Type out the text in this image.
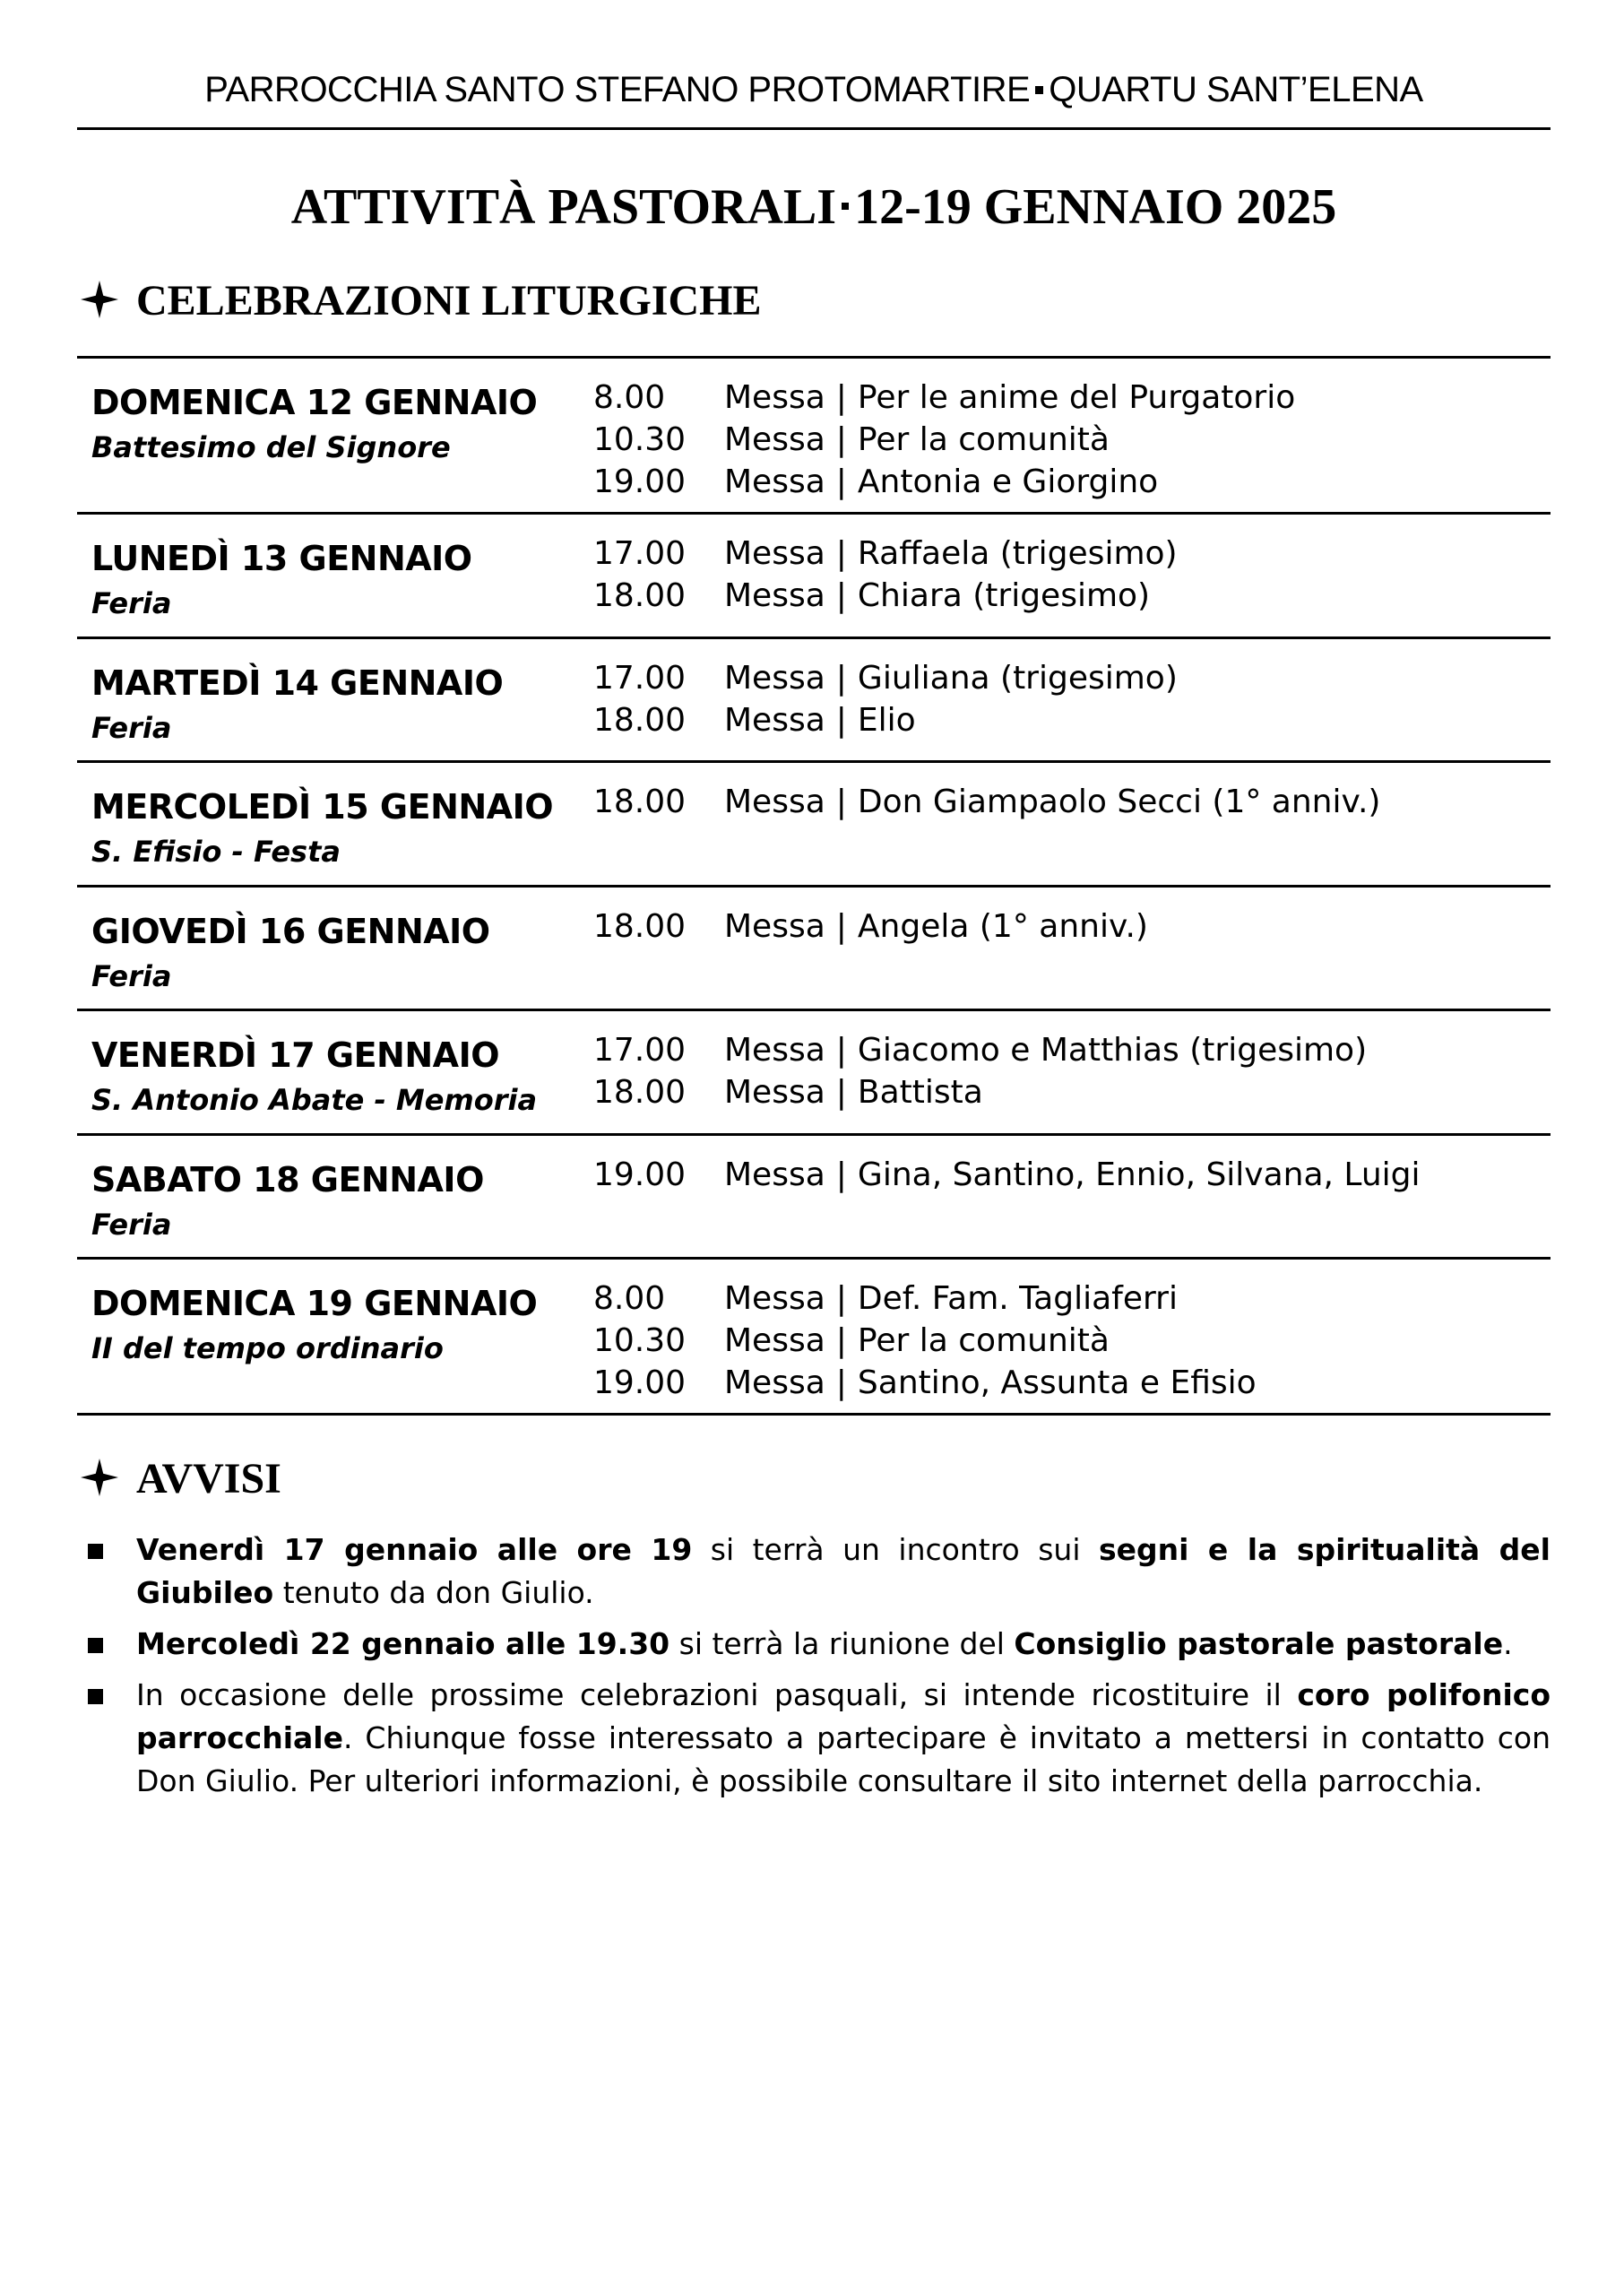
PARROCCHIA SANTO STEFANO PROTOMARTIRE QUARTU SANT’ELENA
ATTIVITÀ PASTORALI 12-19 GENNAIO 2025
CELEBRAZIONI LITURGICHE
DOMENICA 12 GENNAIO
Battesimo del Signore
8.00 Messa | Per le anime del Purgatorio
10.30 Messa | Per la comunità
19.00 Messa | Antonia e Giorgino
LUNEDÌ 13 GENNAIO
Feria
17.00 Messa | Raffaela (trigesimo)
18.00 Messa | Chiara (trigesimo)
MARTEDÌ 14 GENNAIO
Feria
17.00 Messa | Giuliana (trigesimo)
18.00 Messa | Elio
MERCOLEDÌ 15 GENNAIO
S. Efisio - Festa
18.00 Messa | Don Giampaolo Secci (1° anniv.)
GIOVEDÌ 16 GENNAIO
Feria
18.00 Messa | Angela (1° anniv.)
VENERDÌ 17 GENNAIO
S. Antonio Abate - Memoria
17.00 Messa | Giacomo e Matthias (trigesimo)
18.00 Messa | Battista
SABATO 18 GENNAIO
Feria
19.00 Messa | Gina, Santino, Ennio, Silvana, Luigi
DOMENICA 19 GENNAIO
II del tempo ordinario
8.00 Messa | Def. Fam. Tagliaferri
10.30 Messa | Per la comunità
19.00 Messa | Santino, Assunta e Efisio
AVVISI
Venerdì 17 gennaio alle ore 19 si terrà un incontro sui segni e la spiritualità del Giubileo tenuto da don Giulio.
Mercoledì 22 gennaio alle 19.30 si terrà la riunione del Consiglio pastorale pastorale.
In occasione delle prossime celebrazioni pasquali, si intende ricostituire il coro polifonico parrocchiale. Chiunque fosse interessato a partecipare è invitato a mettersi in contatto con Don Giulio. Per ulteriori informazioni, è possibile consultare il sito internet della parrocchia.
